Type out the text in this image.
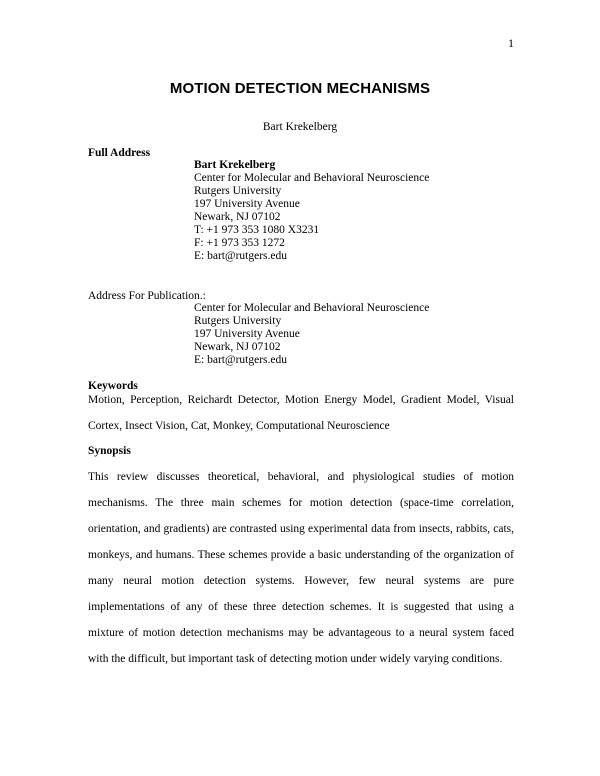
1
MOTION DETECTION MECHANISMS
Bart Krekelberg
Full Address
Bart Krekelberg
Center for Molecular and Behavioral Neuroscience
Rutgers University
197 University Avenue
Newark, NJ 07102
T: +1 973 353 1080 X3231
F: +1 973 353 1272
E: bart@rutgers.edu
Address For Publication.:
Center for Molecular and Behavioral Neuroscience
Rutgers University
197 University Avenue
Newark, NJ 07102
E: bart@rutgers.edu
Keywords
Motion, Perception, Reichardt Detector, Motion Energy Model, Gradient Model, Visual Cortex, Insect Vision, Cat, Monkey, Computational Neuroscience
Synopsis
This review discusses theoretical, behavioral, and physiological studies of motion mechanisms. The three main schemes for motion detection (space-time correlation, orientation, and gradients) are contrasted using experimental data from insects, rabbits, cats, monkeys, and humans. These schemes provide a basic understanding of the organization of many neural motion detection systems. However, few neural systems are pure implementations of any of these three detection schemes. It is suggested that using a mixture of motion detection mechanisms may be advantageous to a neural system faced with the difficult, but important task of detecting motion under widely varying conditions.
